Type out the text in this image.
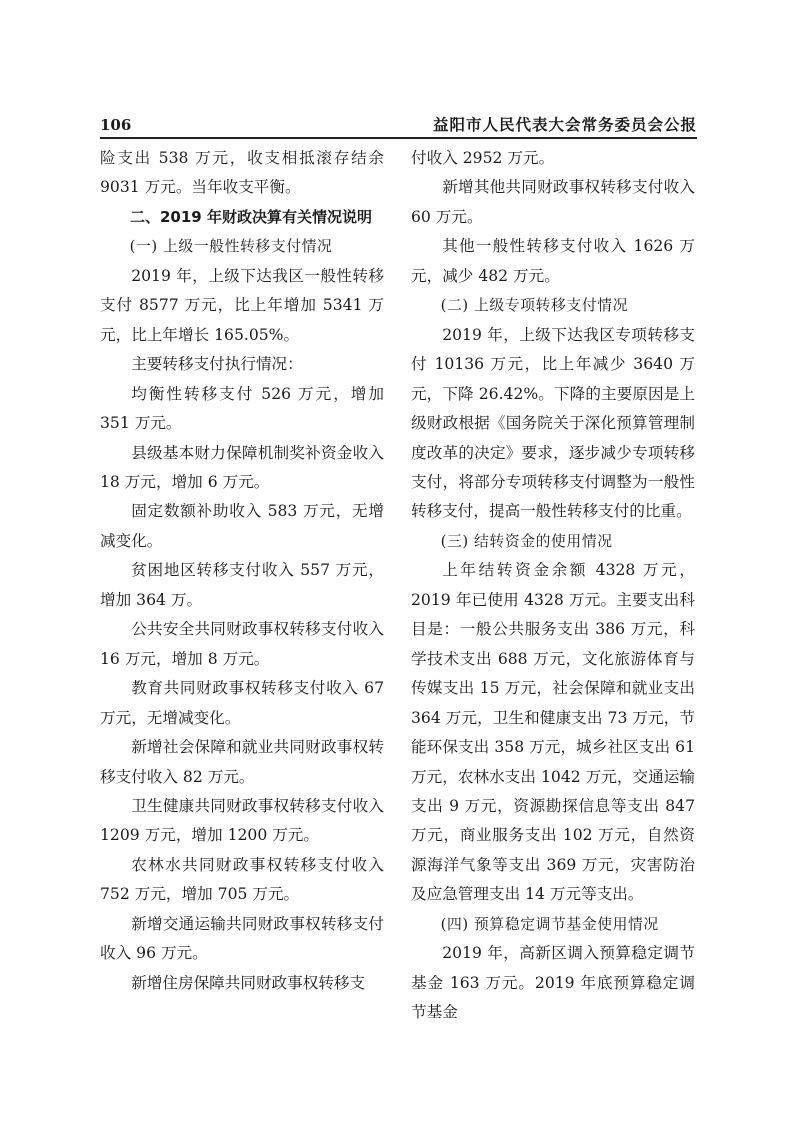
106	益阳市人民代表大会常务委员会公报

险支出 538 万元，收支相抵滚存结余 9031 万元。当年收支平衡。

二、2019 年财政决算有关情况说明

(一) 上级一般性转移支付情况

2019 年，上级下达我区一般性转移支付 8577 万元，比上年增加 5341 万元，比上年增长 165.05%。

主要转移支付执行情况：

均衡性转移支付 526 万元，增加 351 万元。

县级基本财力保障机制奖补资金收入 18 万元，增加 6 万元。

固定数额补助收入 583 万元，无增减变化。

贫困地区转移支付收入 557 万元，增加 364 万。

公共安全共同财政事权转移支付收入 16 万元，增加 8 万元。

教育共同财政事权转移支付收入 67 万元，无增减变化。

新增社会保障和就业共同财政事权转移支付收入 82 万元。

卫生健康共同财政事权转移支付收入 1209 万元，增加 1200 万元。

农林水共同财政事权转移支付收入 752 万元，增加 705 万元。

新增交通运输共同财政事权转移支付收入 96 万元。

新增住房保障共同财政事权转移支

付收入 2952 万元。

新增其他共同财政事权转移支付收入 60 万元。

其他一般性转移支付收入 1626 万元，减少 482 万元。

(二) 上级专项转移支付情况

2019 年，上级下达我区专项转移支付 10136 万元，比上年减少 3640 万元，下降 26.42%。下降的主要原因是上级财政根据《国务院关于深化预算管理制度改革的决定》要求，逐步减少专项转移支付，将部分专项转移支付调整为一般性转移支付，提高一般性转移支付的比重。

(三) 结转资金的使用情况

上年结转资金余额 4328 万元，2019 年已使用 4328 万元。主要支出科目是：一般公共服务支出 386 万元，科学技术支出 688 万元，文化旅游体育与传媒支出 15 万元，社会保障和就业支出 364 万元，卫生和健康支出 73 万元，节能环保支出 358 万元，城乡社区支出 61 万元，农林水支出 1042 万元，交通运输支出 9 万元，资源勘探信息等支出 847 万元，商业服务支出 102 万元，自然资源海洋气象等支出 369 万元，灾害防治及应急管理支出 14 万元等支出。

(四) 预算稳定调节基金使用情况

2019 年，高新区调入预算稳定调节基金 163 万元。2019 年底预算稳定调节基金
